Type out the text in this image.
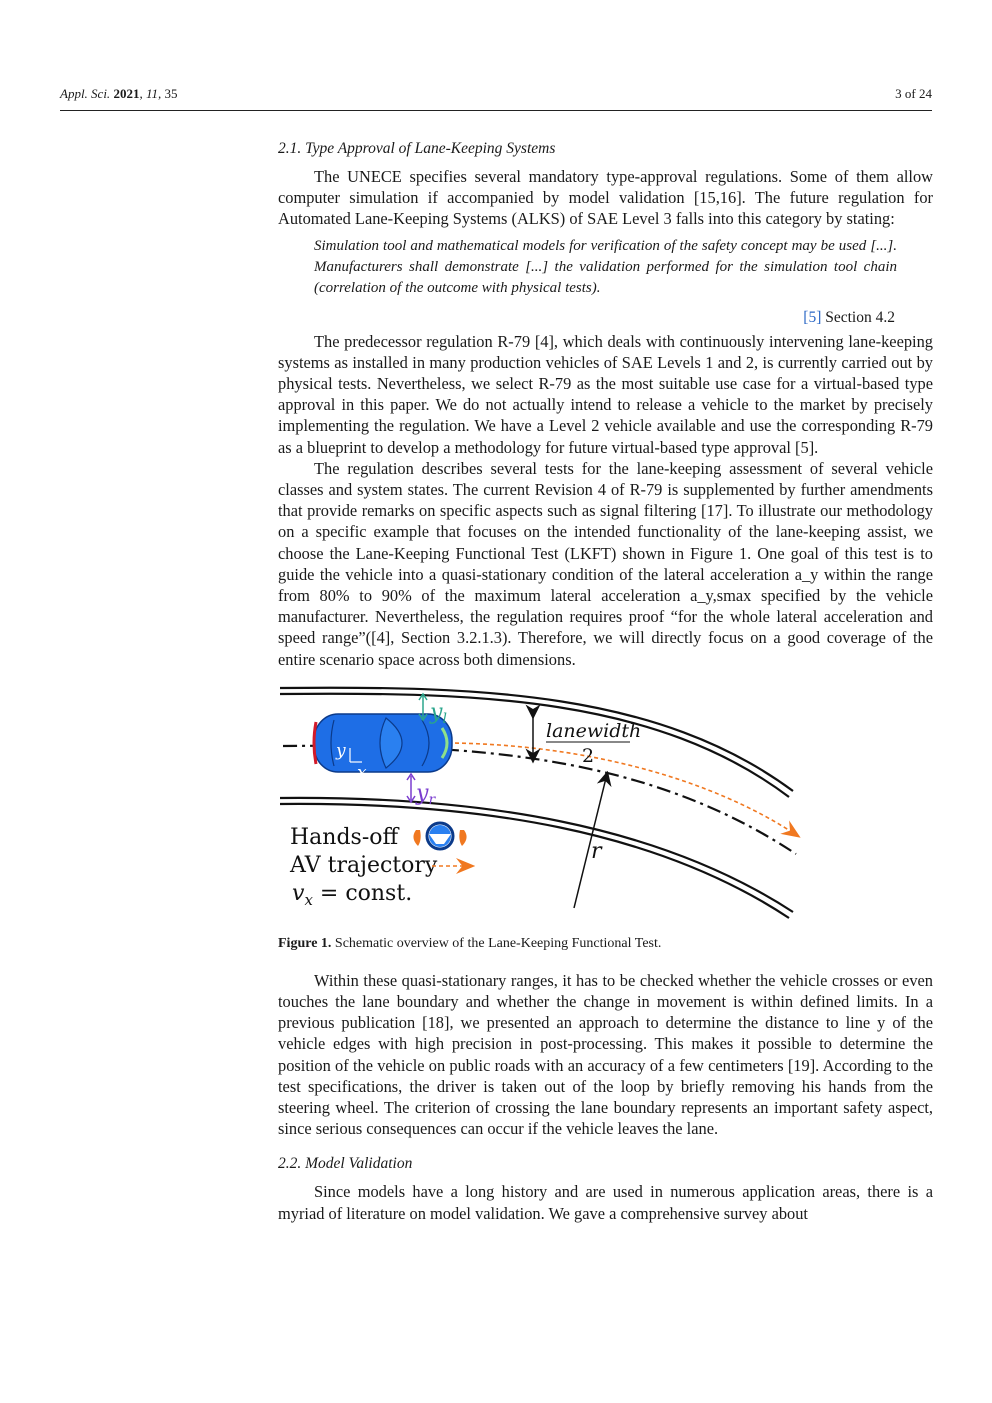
Appl. Sci. 2021, 11, 35	3 of 24
2.1. Type Approval of Lane-Keeping Systems

The UNECE specifies several mandatory type-approval regulations. Some of them allow computer simulation if accompanied by model validation [15,16]. The future regulation for Automated Lane-Keeping Systems (ALKS) of SAE Level 3 falls into this category by stating:

Simulation tool and mathematical models for verification of the safety concept may be used [...]. Manufacturers shall demonstrate [...] the validation performed for the simulation tool chain (correlation of the outcome with physical tests).
[5] Section 4.2

The predecessor regulation R-79 [4], which deals with continuously intervening lane-keeping systems as installed in many production vehicles of SAE Levels 1 and 2, is currently carried out by physical tests. Nevertheless, we select R-79 as the most suitable use case for a virtual-based type approval in this paper. We do not actually intend to release a vehicle to the market by precisely implementing the regulation. We have a Level 2 vehicle available and use the corresponding R-79 as a blueprint to develop a methodology for future virtual-based type approval [5].

The regulation describes several tests for the lane-keeping assessment of several vehicle classes and system states. The current Revision 4 of R-79 is supplemented by further amendments that provide remarks on specific aspects such as signal filtering [17]. To illustrate our methodology on a specific example that focuses on the intended functionality of the lane-keeping assist, we choose the Lane-Keeping Functional Test (LKFT) shown in Figure 1. One goal of this test is to guide the vehicle into a quasi-stationary condition of the lateral acceleration a_y within the range from 80% to 90% of the maximum lateral acceleration a_y,smax specified by the vehicle manufacturer. Nevertheless, the regulation requires proof “for the whole lateral acceleration and speed range”([4], Section 3.2.1.3). Therefore, we will directly focus on a good coverage of the entire scenario space across both dimensions.

y
x
yl
yr
lanewidth
2
r
Hands-off
AV trajectory
$v_x$ = const.
Figure 1. Schematic overview of the Lane-Keeping Functional Test.

Within these quasi-stationary ranges, it has to be checked whether the vehicle crosses or even touches the lane boundary and whether the change in movement is within defined limits. In a previous publication [18], we presented an approach to determine the distance to line y of the vehicle edges with high precision in post-processing. This makes it possible to determine the position of the vehicle on public roads with an accuracy of a few centimeters [19]. According to the test specifications, the driver is taken out of the loop by briefly removing his hands from the steering wheel. The criterion of crossing the lane boundary represents an important safety aspect, since serious consequences can occur if the vehicle leaves the lane.

2.2. Model Validation

Since models have a long history and are used in numerous application areas, there is a myriad of literature on model validation. We gave a comprehensive survey about
